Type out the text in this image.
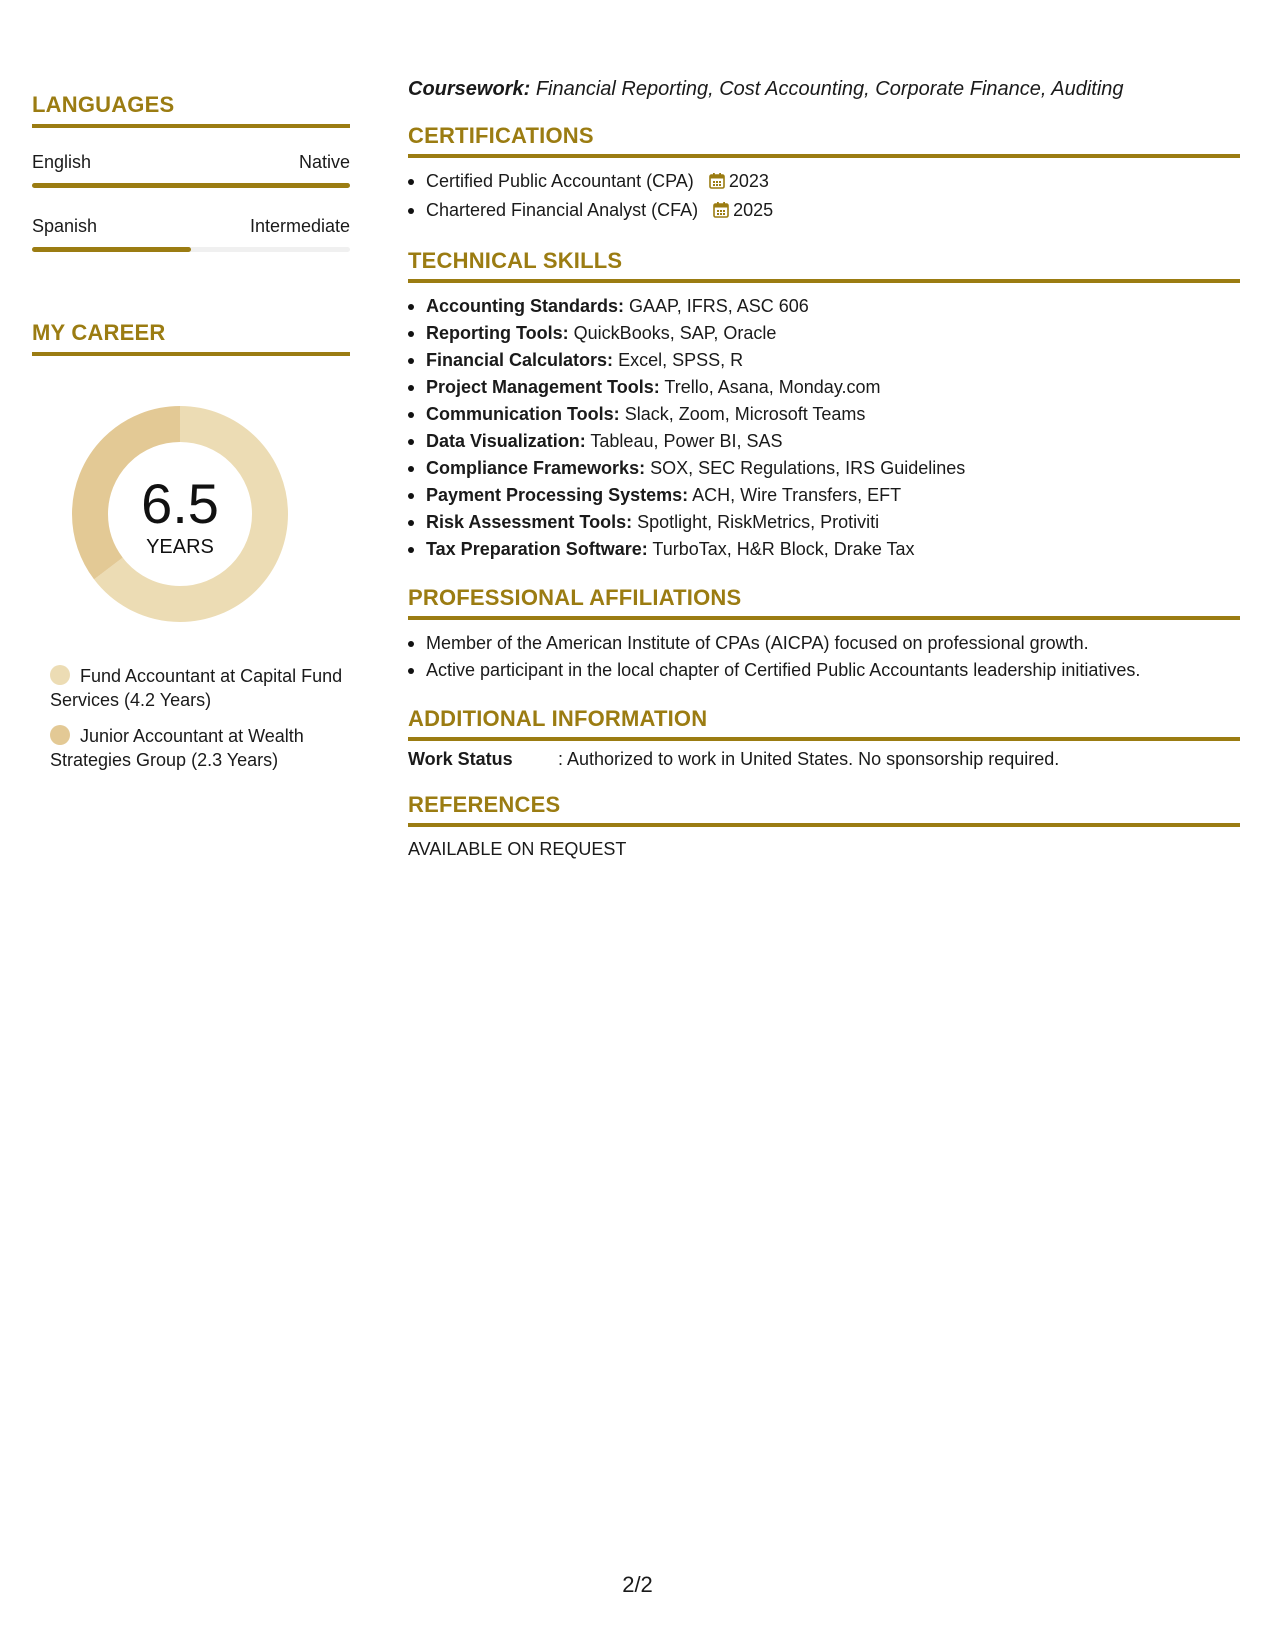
LANGUAGES
English	Native
Spanish	Intermediate
MY CAREER
6.5
YEARS
Fund Accountant at Capital Fund Services (4.2 Years)
Junior Accountant at Wealth Strategies Group (2.3 Years)
Coursework: Financial Reporting, Cost Accounting, Corporate Finance, Auditing
CERTIFICATIONS
Certified Public Accountant (CPA) 2023
Chartered Financial Analyst (CFA) 2025
TECHNICAL SKILLS
Accounting Standards: GAAP, IFRS, ASC 606
Reporting Tools: QuickBooks, SAP, Oracle
Financial Calculators: Excel, SPSS, R
Project Management Tools: Trello, Asana, Monday.com
Communication Tools: Slack, Zoom, Microsoft Teams
Data Visualization: Tableau, Power BI, SAS
Compliance Frameworks: SOX, SEC Regulations, IRS Guidelines
Payment Processing Systems: ACH, Wire Transfers, EFT
Risk Assessment Tools: Spotlight, RiskMetrics, Protiviti
Tax Preparation Software: TurboTax, H&R Block, Drake Tax
PROFESSIONAL AFFILIATIONS
Member of the American Institute of CPAs (AICPA) focused on professional growth.
Active participant in the local chapter of Certified Public Accountants leadership initiatives.
ADDITIONAL INFORMATION
Work Status	: Authorized to work in United States. No sponsorship required.
REFERENCES
AVAILABLE ON REQUEST
2/2
